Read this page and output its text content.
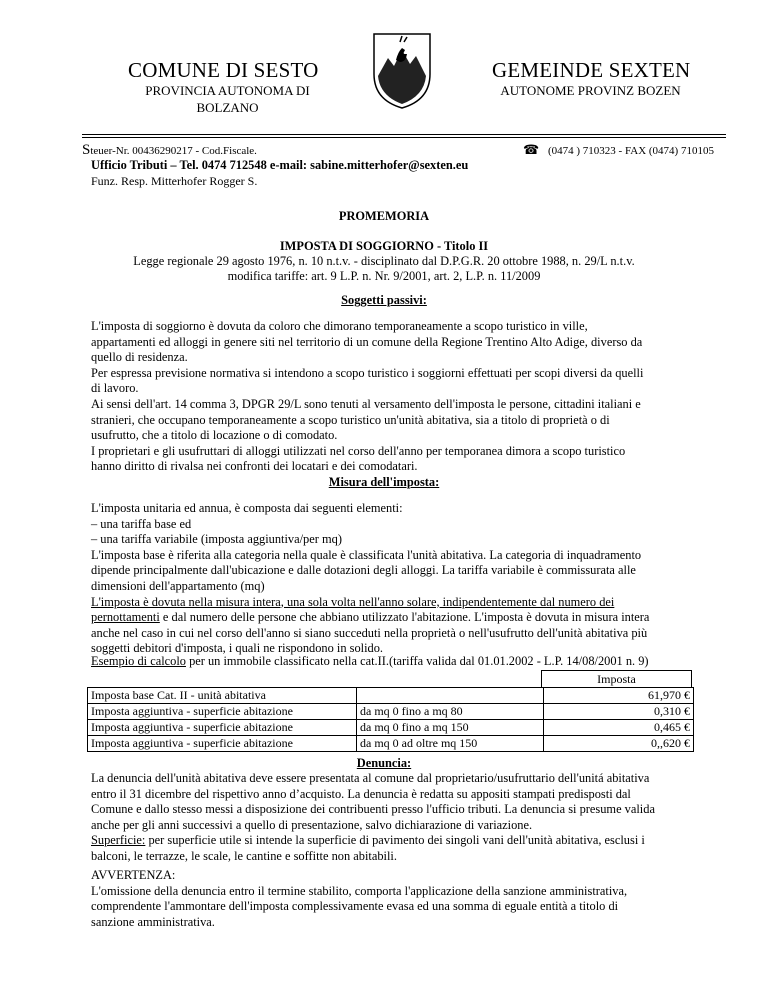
COMUNE DI SESTO
PROVINCIA AUTONOMA DI
BOLZANO
GEMEINDE SEXTEN
AUTONOME PROVINZ BOZEN
Steuer-Nr. 00436290217 - Cod.Fiscale.	☎ (0474 ) 710323 - FAX (0474) 710105
Ufficio Tributi – Tel. 0474 712548 e-mail: sabine.mitterhofer@sexten.eu
Funz. Resp. Mitterhofer Rogger S.
PROMEMORIA
IMPOSTA DI SOGGIORNO - Titolo II
Legge regionale 29 agosto 1976, n. 10 n.t.v. - disciplinato dal D.P.G.R. 20 ottobre 1988, n. 29/L n.t.v.
modifica tariffe: art. 9 L.P. n. Nr. 9/2001, art. 2, L.P. n. 11/2009
Soggetti passivi:
L'imposta di soggiorno è dovuta da coloro che dimorano temporaneamente a scopo turistico in ville,
appartamenti ed alloggi in genere siti nel territorio di un comune della Regione Trentino Alto Adige, diverso da
quello di residenza.
Per espressa previsione normativa si intendono a scopo turistico i soggiorni effettuati per scopi diversi da quelli
di lavoro.
Ai sensi dell'art. 14 comma 3, DPGR 29/L sono tenuti al versamento dell'imposta le persone, cittadini italiani e
stranieri, che occupano temporaneamente a scopo turistico un'unità abitativa, sia a titolo di proprietà o di
usufrutto, che a titolo di locazione o di comodato.
I proprietari e gli usufruttari di alloggi utilizzati nel corso dell'anno per temporanea dimora a scopo turistico
hanno diritto di rivalsa nei confronti dei locatari e dei comodatari.
Misura dell'imposta:
L'imposta unitaria ed annua, è composta dai seguenti elementi:
– una tariffa base ed
– una tariffa variabile (imposta aggiuntiva/per mq)
L'imposta base è riferita alla categoria nella quale è classificata l'unità abitativa. La categoria di inquadramento
dipende principalmente dall'ubicazione e dalle dotazioni degli alloggi. La tariffa variabile è commissurata alle
dimensioni dell'appartamento (mq)
L'imposta è dovuta nella misura intera, una sola volta nell'anno solare, indipendentemente dal numero dei
pernottamenti e dal numero delle persone che abbiano utilizzato l'abitazione. L'imposta è dovuta in misura intera
anche nel caso in cui nel corso dell'anno si siano succeduti nella proprietà o nell'usufrutto dell'unità abitativa più
soggetti debitori d'imposta, i quali ne rispondono in solido.
Esempio di calcolo per un immobile classificato nella cat.II.(tariffa valida dal 01.01.2002 - L.P. 14/08/2001 n. 9)
Imposta
Imposta base Cat. II - unità abitativa		61,970 €
Imposta aggiuntiva - superficie abitazione	da mq 0 fino a mq 80	0,310 €
Imposta aggiuntiva - superficie abitazione	da mq 0 fino a mq 150	0,465 €
Imposta aggiuntiva - superficie abitazione	da mq 0 ad oltre mq 150	0,,620 €
Denuncia:
La denuncia dell'unità abitativa deve essere presentata al comune dal proprietario/usufruttario dell'unitá abitativa
entro il 31 dicembre del rispettivo anno d’acquisto. La denuncia è redatta su appositi stampati predisposti dal
Comune e dallo stesso messi a disposizione dei contribuenti presso l'ufficio tributi. La denuncia si presume valida
anche per gli anni successivi a quello di presentazione, salvo dichiarazione di variazione.
Superficie: per superficie utile si intende la superficie di pavimento dei singoli vani dell'unità abitativa, esclusi i
balconi, le terrazze, le scale, le cantine e soffitte non abitabili.
AVVERTENZA:
L'omissione della denuncia entro il termine stabilito, comporta l'applicazione della sanzione amministrativa,
comprendente l'ammontare dell'imposta complessivamente evasa ed una somma di eguale entità a titolo di
sanzione amministrativa.
